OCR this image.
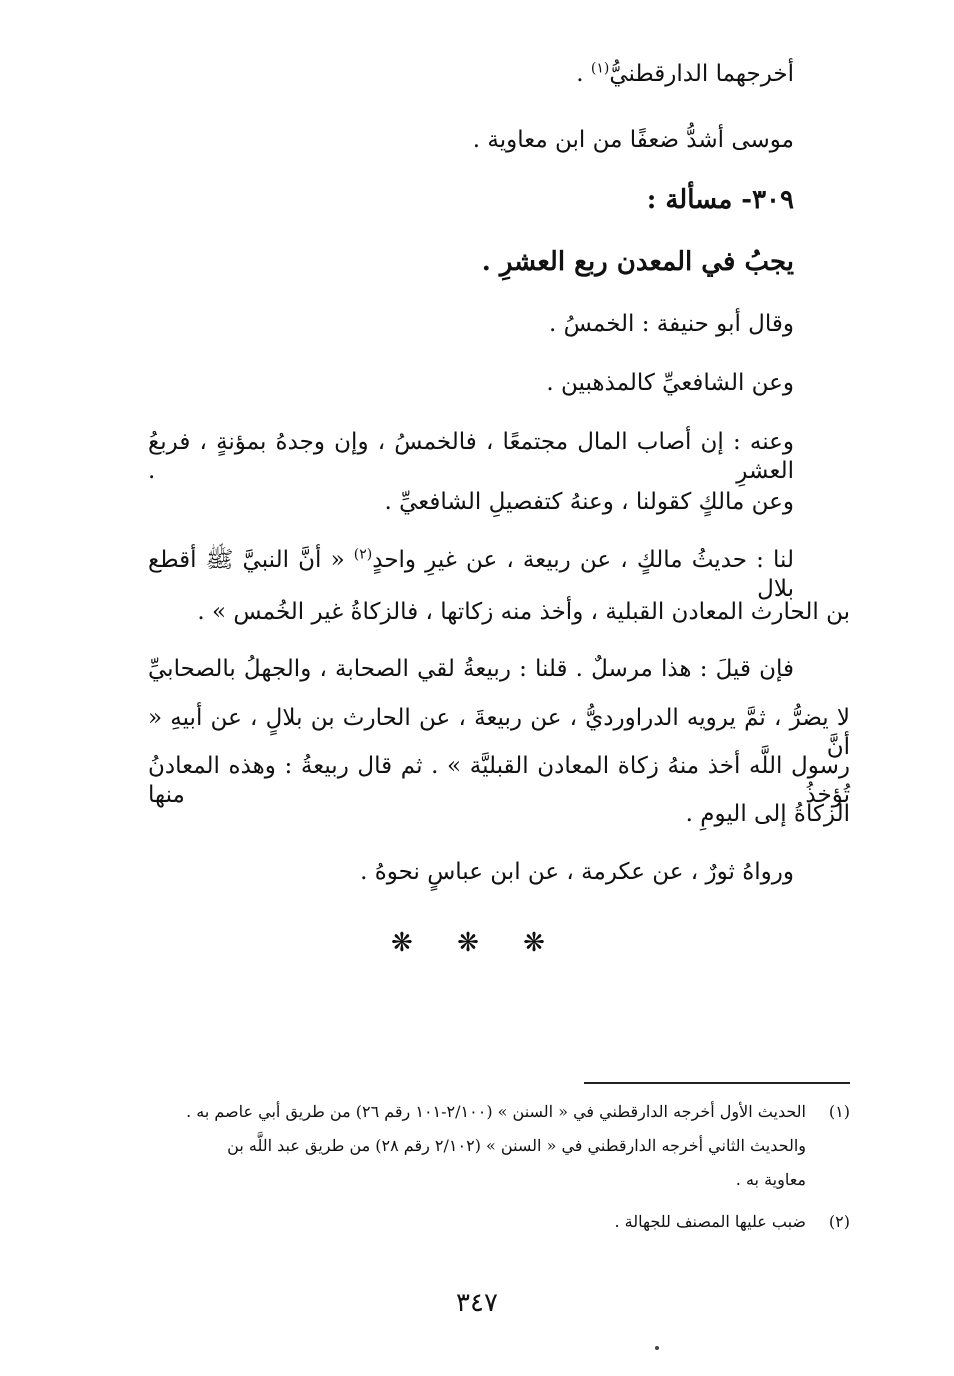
أخرجهما الدارقطنيُّ$^{(١)}$ .
موسى أشدُّ ضعفًا من ابن معاوية .
٣٠٩- مسألة :
يجبُ في المعدن ربع العشرِ .
وقال أبو حنيفة : الخمسُ .
وعن الشافعيِّ كالمذهبين .
وعنه : إن أصاب المال مجتمعًا ، فالخمسُ ، وإن وجدهُ بمؤنةٍ ، فربعُ العشرِ .
وعن مالكٍ كقولنا ، وعنهُ كتفصيلِ الشافعيِّ .
لنا : حديثُ مالكٍ ، عن ربيعة ، عن غيرِ واحدٍ$^{(٢)}$ « أنَّ النبيَّ ﷺ أقطع بلال
بن الحارث المعادن القبلية ، وأخذ منه زكاتها ، فالزكاةُ غير الخُمس » .
فإن قيلَ : هذا مرسلٌ . قلنا : ربيعةُ لقي الصحابة ، والجهلُ بالصحابيِّ
لا يضرُّ ، ثمَّ يرويه الدراورديُّ ، عن ربيعةَ ، عن الحارث بن بلالٍ ، عن أبيهِ « أنَّ
رسول اللَّه أخذ منهُ زكاة المعادن القبليَّة » . ثم قال ربيعةُ : وهذه المعادنُ تُؤخذُ منها
الزكاةُ إلى اليومِ .
ورواهُ ثورٌ ، عن عكرمة ، عن ابن عباسٍ نحوهُ .
❋ ❋ ❋
(١)
الحديث الأول أخرجه الدارقطني في « السنن » (٢/١٠٠-١٠١ رقم ٢٦) من طريق أبي عاصم به .
والحديث الثاني أخرجه الدارقطني في « السنن » (٢/١٠٢ رقم ٢٨) من طريق عبد اللَّه بن
معاوية به .
(٢)
ضبب عليها المصنف للجهالة .
٣٤٧
